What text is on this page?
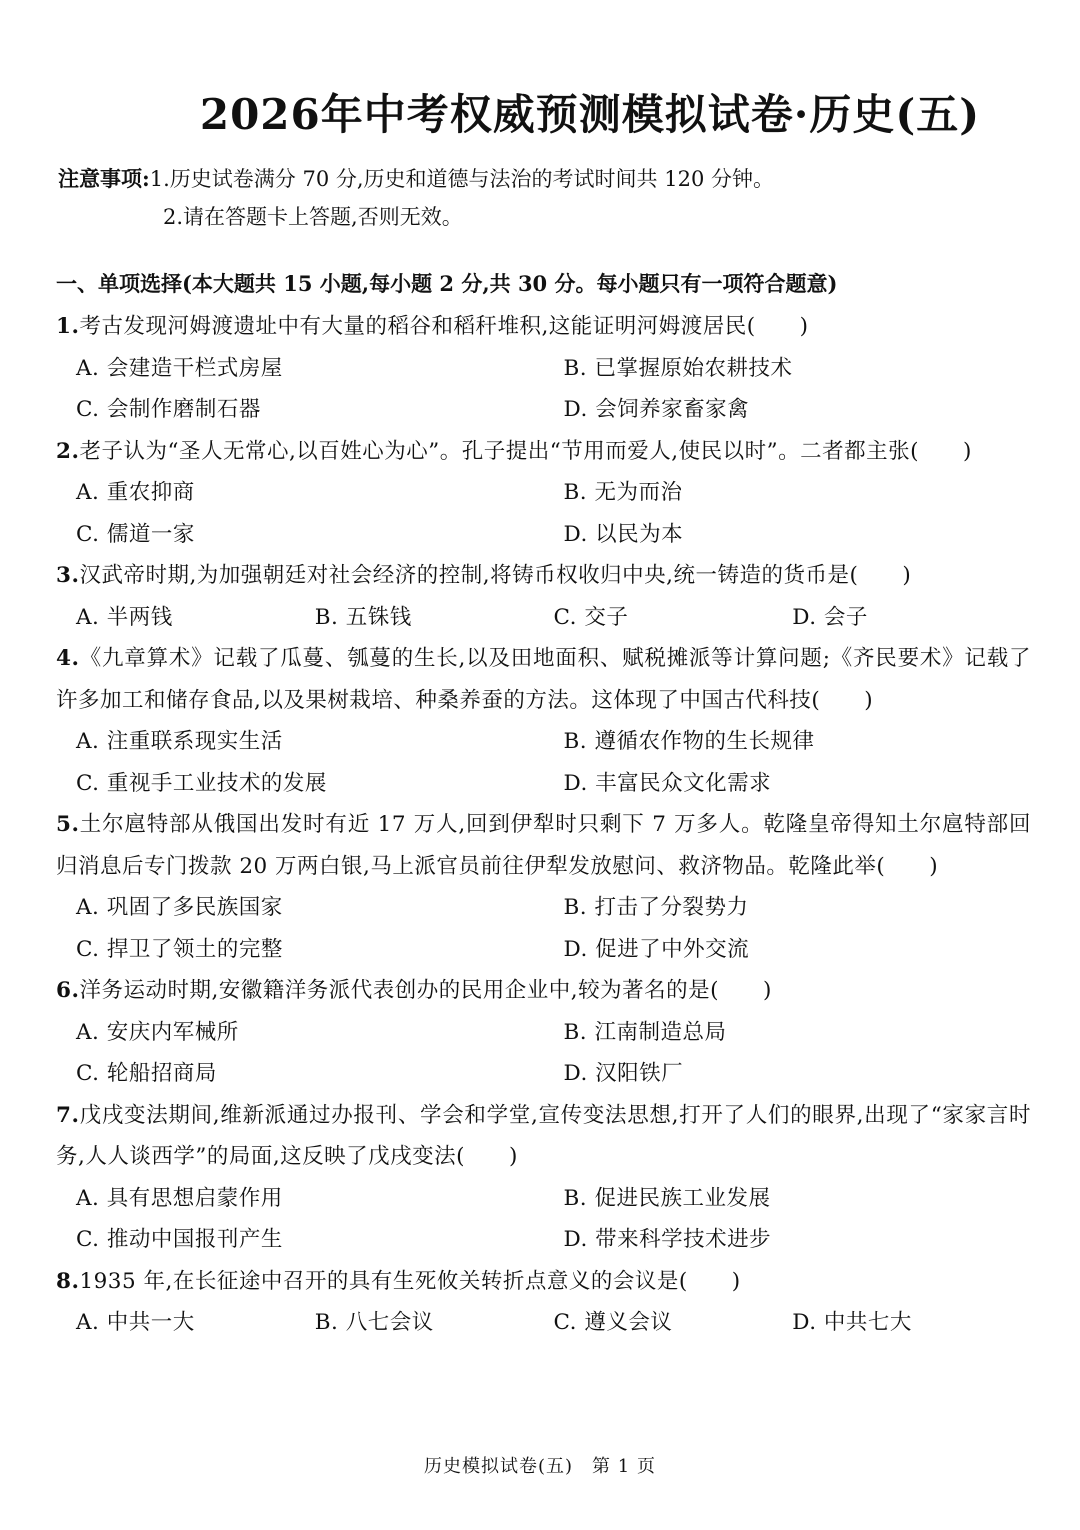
2026年中考权威预测模拟试卷·历史(五)
注意事项:1.历史试卷满分 70 分,历史和道德与法治的考试时间共 120 分钟。
2.请在答题卡上答题,否则无效。
一、单项选择(本大题共 15 小题,每小题 2 分,共 30 分。每小题只有一项符合题意)
1.考古发现河姆渡遗址中有大量的稻谷和稻秆堆积,这能证明河姆渡居民(　　)
A. 会建造干栏式房屋	B. 已掌握原始农耕技术
C. 会制作磨制石器	D. 会饲养家畜家禽
2.老子认为“圣人无常心,以百姓心为心”。孔子提出“节用而爱人,使民以时”。二者都主张(　　)
A. 重农抑商	B. 无为而治
C. 儒道一家	D. 以民为本
3.汉武帝时期,为加强朝廷对社会经济的控制,将铸币权收归中央,统一铸造的货币是(　　)
A. 半两钱	B. 五铢钱	C. 交子	D. 会子
4.《九章算术》记载了瓜蔓、瓠蔓的生长,以及田地面积、赋税摊派等计算问题;《齐民要术》记载了许多加工和储存食品,以及果树栽培、种桑养蚕的方法。这体现了中国古代科技(　　)
A. 注重联系现实生活	B. 遵循农作物的生长规律
C. 重视手工业技术的发展	D. 丰富民众文化需求
5.土尔扈特部从俄国出发时有近 17 万人,回到伊犁时只剩下 7 万多人。乾隆皇帝得知土尔扈特部回归消息后专门拨款 20 万两白银,马上派官员前往伊犁发放慰问、救济物品。乾隆此举(　　)
A. 巩固了多民族国家	B. 打击了分裂势力
C. 捍卫了领土的完整	D. 促进了中外交流
6.洋务运动时期,安徽籍洋务派代表创办的民用企业中,较为著名的是(　　)
A. 安庆内军械所	B. 江南制造总局
C. 轮船招商局	D. 汉阳铁厂
7.戊戌变法期间,维新派通过办报刊、学会和学堂,宣传变法思想,打开了人们的眼界,出现了“家家言时务,人人谈西学”的局面,这反映了戊戌变法(　　)
A. 具有思想启蒙作用	B. 促进民族工业发展
C. 推动中国报刊产生	D. 带来科学技术进步
8.1935 年,在长征途中召开的具有生死攸关转折点意义的会议是(　　)
A. 中共一大	B. 八七会议	C. 遵义会议	D. 中共七大
历史模拟试卷(五)　第 1 页
